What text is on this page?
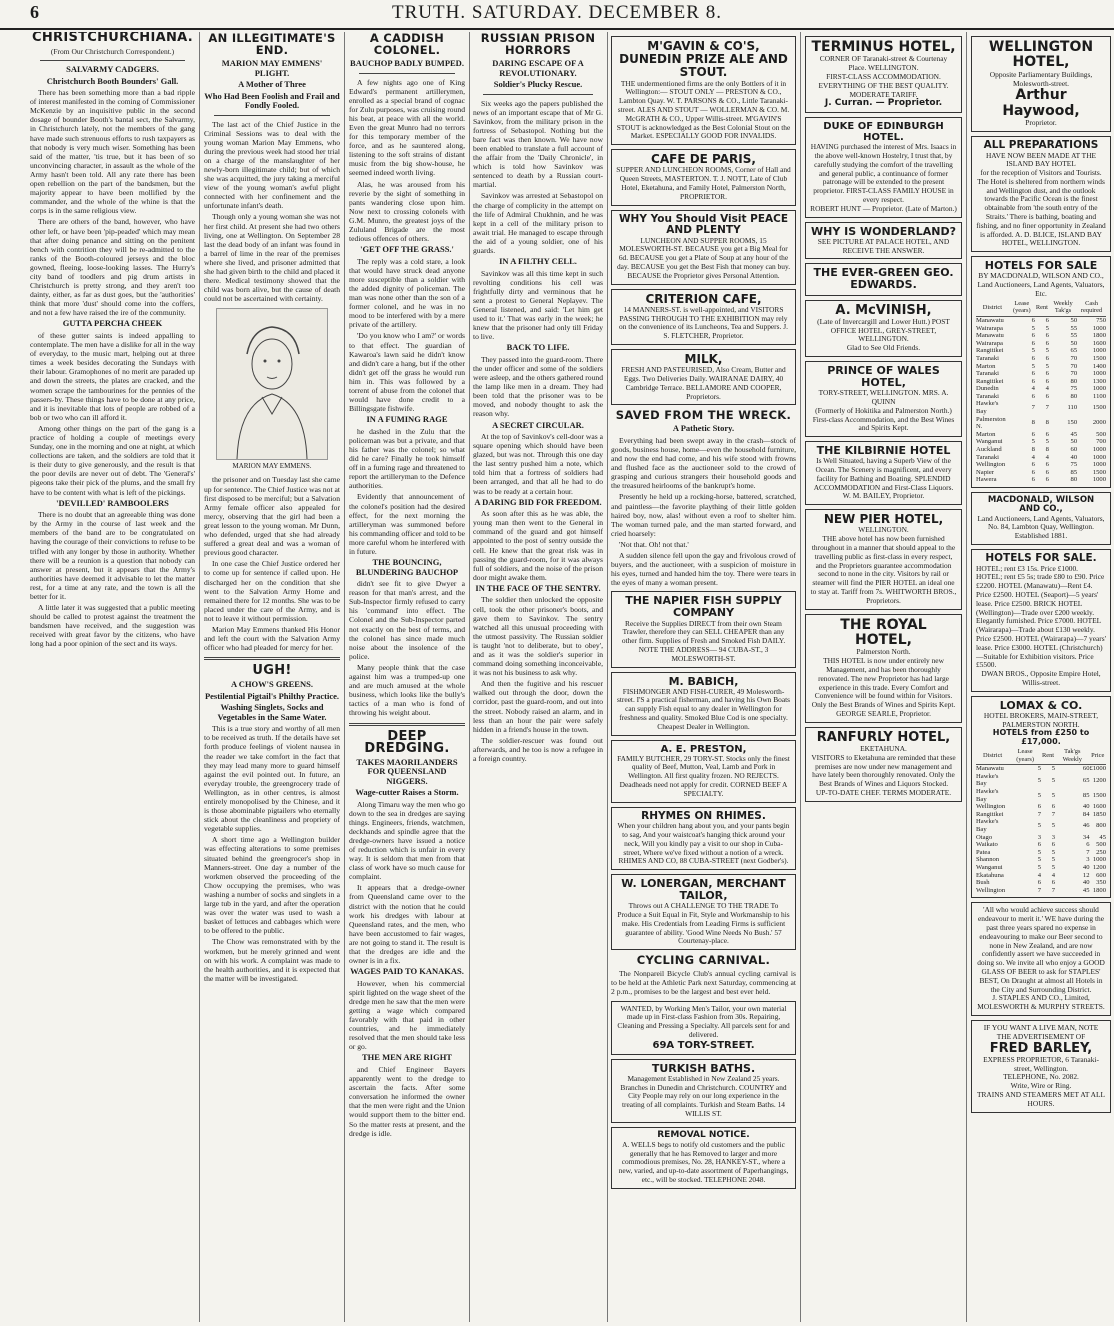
6	TRUTH. SATURDAY. DECEMBER 8.
CHRISTCHURCHIANA.
(From Our Christchurch Correspondent.)
SALVARMY CADGERS.
Christchurch Booth Bounders' Gall.

There has been something more than a bad ripple of interest manifested in the coming of Commissioner McKenzie by an inquisitive public in the second dosage of bounder Booth's bantal sect, the Salvarmy, in Christchurch lately, not the members of the gang have made such strenuous efforts to rush taxpayers as that nobody is very much wiser. Something has been said of the matter, 'tis true, but it has been of so unconvincing character, in assault as the whole of the Army hasn't been told. All any rate there has been open rebellion on the part of the bandsmen, but the majority appear to have been mollified by the commander, and the whole of the whine is that the corps is in the same religious view.

There are others of the band, however, who have other left, or have been 'pip-peaded' which may mean that after doing penance and sitting on the penitent bench with contrition they will be re-admitted to the ranks of the Booth-coloured jerseys and the bloc gowned, fleeing, loose-looking lasses. The Hurry's city band of toodlers and pig drum artists in Christchurch is pretty strong, and they aren't too dainty, either, as far as dust goes, but the 'authorities' think that more 'dust' should come into the coffers, and not a few have raised the ire of the community.

GUTTA PERCHA CHEEK

of these gutter saints is indeed appalling to contemplate. The men have a dislike for all in the way of everyday, to the music mart, helping out at three times a week besides decorating the Sundays with their labour. Gramophones of no merit are paraded up and down the streets, the plates are cracked, and the women scrape the tambourines for the pennies of the passers-by. These things have to be done at any price, and it is inevitable that lots of people are robbed of a bob or two who can ill afford it.

Among other things on the part of the gang is a practice of holding a couple of meetings every Sunday, one in the morning and one at night, at which collections are taken, and the soldiers are told that it is their duty to give generously, and the result is that the poor devils are never out of debt. The 'General's' pigeons take their pick of the plums, and the small fry have to be content with what is left of the pickings.

'DEVILLED' RAMBOOLERS

There is no doubt that an agreeable thing was done by the Army in the course of last week and the members of the band are to be congratulated on having the courage of their convictions to refuse to be trifled with any longer by those in authority. Whether there will be a reunion is a question that nobody can answer at present, but it appears that the Army's authorities have deemed it advisable to let the matter rest, for a time at any rate, and the town is all the better for it.

A little later it was suggested that a public meeting should be called to protest against the treatment the bandsmen have received, and the suggestion was received with great favor by the citizens, who have long had a poor opinion of the sect and its ways.

AN ILLEGITIMATE'S END.
MARION MAY EMMENS' PLIGHT.
A Mother of Three
Who Had Been Foolish and Frail and Fondly Fooled.

The last act of the Chief Justice in the Criminal Sessions was to deal with the young woman Marion May Emmens, who during the previous week had stood her trial on a charge of the manslaughter of her newly-born illegitimate child; but of which she was acquitted, the jury taking a merciful view of the young woman's awful plight connected with her confinement and the unfortunate infant's death.

Though only a young woman she was not her first child. At present she had two others living, one at Wellington. On September 28 last the dead body of an infant was found in a barrel of lime in the rear of the premises where she lived, and prisoner admitted that she had given birth to the child and placed it there. Medical testimony showed that the child was born alive, but the cause of death could not be ascertained with certainty.

MARION MAY EMMENS.

the prisoner and on Tuesday last she came up for sentence. The Chief Justice was not at first disposed to be merciful; but a Salvation Army female officer also appealed for mercy, observing that the girl had been a great lesson to the young woman. Mr Dunn, who defended, urged that she had already suffered a great deal and was a woman of previous good character.

In one case the Chief Justice ordered her to come up for sentence if called upon. He discharged her on the condition that she went to the Salvation Army Home and remained there for 12 months. She was to be placed under the care of the Army, and is not to leave it without permission.

Marion May Emmens thanked His Honor and left the court with the Salvation Army officer who had pleaded for mercy for her.

UGH!
A CHOW'S GREENS.
Pestilential Pigtail's Philthy Practice.
Washing Singlets, Socks and Vegetables in the Same Water.

This is a true story and worthy of all men to be received as truth. If the details have set forth produce feelings of violent nausea in the reader we take comfort in the fact that they may lead many more to guard himself against the evil pointed out. In future, an everyday trouble, the greengrocery trade of Wellington, as in other centres, is almost entirely monopolised by the Chinese, and it is those abominable pigtailers who eternally stick about the cleanliness and propriety of vegetable supplies.

A short time ago a Wellington builder was effecting alterations to some premises situated behind the greengrocer's shop in Manners-street. One day a number of the workmen observed the proceeding of the Chow occupying the premises, who was washing a number of socks and singlets in a large tub in the yard, and after the operation was over the water was used to wash a basket of lettuces and cabbages which were to be offered to the public.

The Chow was remonstrated with by the workmen, but he merely grinned and went on with his work. A complaint was made to the health authorities, and it is expected that the matter will be investigated.

A CADDISH COLONEL.
BAUCHOP BADLY BUMPED.

A few nights ago one of King Edward's permanent artillerymen, enrolled as a special brand of cognac for Zulu purposes, was cruising round his beat, at peace with all the world. Even the great Munro had no terrors for this temporary member of the force, and as he sauntered along, listening to the soft strains of distant music from the big show-house, he seemed indeed worth living.

Alas, he was aroused from his reverie by the sight of something in pants wandering close upon him. Now next to crossing colonels with G.M. Munro, the greatest joys of the Zululand Brigade are the most tedious offences of others.

'GET OFF THE GRASS.'

The reply was a cold stare, a look that would have struck dead anyone more susceptible than a soldier with the added dignity of policeman. The man was none other than the son of a former colonel, and he was in no mood to be interfered with by a mere private of the artillery.

'Do you know who I am?' or words to that effect. The guardian of Kawaroa's lawn said he didn't know and didn't care a hang, but if the other didn't get off the grass he would run him in. This was followed by a torrent of abuse from the colonel that would have done credit to a Billingsgate fishwife.

IN A FUMING RAGE

he dashed in the Zulu that the policeman was but a private, and that his father was the colonel; so what did he care? Finally he took himself off in a fuming rage and threatened to report the artilleryman to the Defence authorities.

Evidently that announcement of the colonel's position had the desired effect, for the next morning the artilleryman was summoned before his commanding officer and told to be more careful whom he interfered with in future.

THE BOUNCING, BLUNDERING BAUCHOP

didn't see fit to give Dwyer a reason for that man's arrest, and the Sub-Inspector firmly refused to carry his 'command' into effect. The Colonel and the Sub-Inspector parted not exactly on the best of terms, and the colonel has since made much noise about the insolence of the police.

Many people think that the case against him was a trumped-up one and are much amused at the whole business, which looks like the bully's tactics of a man who is fond of throwing his weight about.

DEEP DREDGING.
TAKES MAORILANDERS FOR QUEENSLAND NIGGERS.
Wage-cutter Raises a Storm.

Along Timaru way the men who go down to the sea in dredges are saying things. Engineers, friends, watchmen, deckhands and spindle agree that the dredge-owners have issued a notice of reduction which is unfair in every way. It is seldom that men from that class of work have so much cause for complaint.

It appears that a dredge-owner from Queensland came over to the district with the notion that he could work his dredges with labour at Queensland rates, and the men, who have been accustomed to fair wages, are not going to stand it. The result is that the dredges are idle and the owner is in a fix.

WAGES PAID TO KANAKAS.

However, when his commercial spirit lighted on the wage sheet of the dredge men he saw that the men were getting a wage which compared favorably with that paid in other countries, and he immediately resolved that the men should take less or go.

THE MEN ARE RIGHT

and Chief Engineer Bayers apparently went to the dredge to ascertain the facts. After some conversation he informed the owner that the men were right and the Union would support them to the bitter end. So the matter rests at present, and the dredge is idle.

RUSSIAN PRISON HORRORS
DARING ESCAPE OF A REVOLUTIONARY.
Soldier's Plucky Rescue.

Six weeks ago the papers published the news of an important escape that of Mr G. Savinkov, from the military prison in the fortress of Sebastopol. Nothing but the bare fact was then known. We have now been enabled to translate a full account of the affair from the 'Daily Chronicle', in which is told how Savinkov was sentenced to death by a Russian court-martial.

Savinkov was arrested at Sebastopol on the charge of complicity in the attempt on the life of Admiral Chukhnin, and he was kept in a cell of the military prison to await trial. He managed to escape through the aid of a young soldier, one of his guards.

IN A FILTHY CELL.

Savinkov was all this time kept in such revolting conditions his cell was frightfully dirty and verminous that he sent a protest to General Neplayev. The General listened, and said: 'Let him get used to it.' That was early in the week; he knew that the prisoner had only till Friday to live.

BACK TO LIFE.

They passed into the guard-room. There the under officer and some of the soldiers were asleep, and the others gathered round the lamp like men in a dream. They had been told that the prisoner was to be moved, and nobody thought to ask the reason why.

A SECRET CIRCULAR.

At the top of Savinkov's cell-door was a square opening which should have been glazed, but was not. Through this one day the last sentry pushed him a note, which told him that a fortress of soldiers had been arranged, and that all he had to do was to be ready at a certain hour.

A DARING BID FOR FREEDOM.

As soon after this as he was able, the young man then went to the General in command of the guard and got himself appointed to the post of sentry outside the cell. He knew that the great risk was in passing the guard-room, for it was always full of soldiers, and the noise of the prison door might awake them.

IN THE FACE OF THE SENTRY.

The soldier then unlocked the opposite cell, took the other prisoner's boots, and gave them to Savinkov. The sentry watched all this unusual proceeding with the utmost passivity. The Russian soldier is taught 'not to deliberate, but to obey', and as it was the soldier's superior in command doing something inconceivable, it was not his business to ask why.

And then the fugitive and his rescuer walked out through the door, down the corridor, past the guard-room, and out into the street. Nobody raised an alarm, and in less than an hour the pair were safely hidden in a friend's house in the town.

The soldier-rescuer was found out afterwards, and he too is now a refugee in a foreign country.

M'GAVIN & CO'S, DUNEDIN PRIZE ALE AND STOUT.
THE undermentioned firms are the only Bottlers of it in Wellington:— STOUT ONLY — PRESTON & CO., Lambton Quay. W. T. PARSONS & CO., Little Taranaki-street. ALES AND STOUT — WOLLERMAN & CO. M. McGRATH & CO., Upper Willis-street. M'GAVIN'S STOUT is acknowledged as the Best Colonial Stout on the Market. ESPECIALLY GOOD FOR INVALIDS.
CAFE DE PARIS,
SUPPER AND LUNCHEON ROOMS, Corner of Hall and Queen Streets, MASTERTON. T. J. NOTT, Late of Club Hotel, Eketahuna, and Family Hotel, Palmerston North, PROPRIETOR.
WHY You Should Visit PEACE AND PLENTY
LUNCHEON AND SUPPER ROOMS, 15 MOLESWORTH-ST. BECAUSE you get a Big Meal for 6d. BECAUSE you get a Plate of Soup at any hour of the day. BECAUSE you get the Best Fish that money can buy. BECAUSE the Proprietor gives Personal Attention.
CRITERION CAFE,
14 MANNERS-ST. is well-appointed, and VISITORS PASSING THROUGH TO THE EXHIBITION may rely on the convenience of its Luncheons, Tea and Suppers. J. S. FLETCHER, Proprietor.
MILK,
FRESH AND PASTEURISED, Also Cream, Butter and Eggs. Two Deliveries Daily. WAIRANAE DAIRY, 40 Cambridge Terrace. BELLAMORE AND COOPER, Proprietors.
SAVED FROM THE WRECK.
A Pathetic Story.

Everything had been swept away in the crash—stock of goods, business house, home—even the household furniture, and now the end had come, and his wife stood with frowns and flushed face as the auctioneer sold to the crowd of grasping and curious strangers their household goods and the treasured heirlooms of the bankrupt's home.

Presently he held up a rocking-horse, battered, scratched, and paintless—the favorite plaything of their little golden haired boy, now, alas! without even a roof to shelter him. The woman turned pale, and the man started forward, and cried hoarsely:

'Not that. Oh! not that.'

A sudden silence fell upon the gay and frivolous crowd of buyers, and the auctioneer, with a suspicion of moisture in his eyes, turned and handed him the toy. There were tears in the eyes of many a woman present.

THE NAPIER FISH SUPPLY COMPANY
Receive the Supplies DIRECT from their own Steam Trawler, therefore they can SELL CHEAPER than any other firm. Supplies of Fresh and Smoked Fish DAILY. NOTE THE ADDRESS— 94 CUBA-ST., 3 MOLESWORTH-ST.
M. BABICH,
FISHMONGER AND FISH-CURER, 49 Molesworth-street. I'S a practical fisherman, and having his Own Boats can supply Fish equal to any dealer in Wellington for freshness and quality. Smoked Blue Cod is one specialty. Cheapest Dealer in Wellington.
A. E. PRESTON,
FAMILY BUTCHER, 29 TORY-ST. Stocks only the finest quality of Beef, Mutton, Veal, Lamb and Pork in Wellington. All first quality frozen. NO REJECTS. Deadheads need not apply for credit. CORNED BEEF A SPECIALTY.
RHYMES ON RHIMES.
When your children hang about you, and your pants begin to sag, And your waistcoat's hanging thick around your neck, Will you kindly pay a visit to our shop in Cuba-street, Where we've fixed without a notion of a wreck. RHIMES AND CO, 88 CUBA-STREET (next Godber's).
W. LONERGAN, MERCHANT TAILOR,
Throws out A CHALLENGE TO THE TRADE To Produce a Suit Equal in Fit, Style and Workmanship to his make. His Credentials from Leading Firms is sufficient guarantee of ability. 'Good Wine Needs No Bush.' 57 Courtenay-place.
CYCLING CARNIVAL.

The Nonpareil Bicycle Club's annual cycling carnival is to be held at the Athletic Park next Saturday, commencing at 2 p.m., promises to be the largest and best ever held.

WANTED, by Working Men's Tailor, your own material made up in First-class Fashion from 30s. Repairing, Cleaning and Pressing a Specialty. All parcels sent for and delivered.
69A TORY-STREET.
TURKISH BATHS.
Management Established in New Zealand 25 years. Branches in Dunedin and Christchurch. COUNTRY and City People may rely on our long experience in the treating of all complaints. Turkish and Steam Baths. 14 WILLIS ST.
REMOVAL NOTICE.
A. WELLS begs to notify old customers and the public generally that he has Removed to larger and more commodious premises, No. 28, HANKEY-ST., where a new, varied, and up-to-date assortment of Paperhangings, etc., will be stocked. TELEPHONE 2048.
TERMINUS HOTEL,
CORNER OF Taranaki-street & Courtenay Place. WELLINGTON.
FIRST-CLASS ACCOMMODATION. EVERYTHING OF THE BEST QUALITY. MODERATE TARIFF.
J. Curran. — Proprietor.
DUKE OF EDINBURGH HOTEL.
HAVING purchased the interest of Mrs. Isaacs in the above well-known Hostelry, I trust that, by carefully studying the comfort of the travelling and general public, a continuance of former patronage will be extended to the present proprietor. FIRST-CLASS FAMILY HOUSE in every respect.
ROBERT HUNT — Proprietor. (Late of Marton.)
WHY IS WONDERLAND?
SEE PICTURE AT PALACE HOTEL, AND RECEIVE THE ANSWER.
THE EVER-GREEN GEO. EDWARDS.
A. McVINISH,
(Late of Invercargill and Lower Hutt.) POST OFFICE HOTEL, GREY-STREET, WELLINGTON.
Glad to See Old Friends.
PRINCE OF WALES HOTEL,
TORY-STREET, WELLINGTON. MRS. A. QUINN
(Formerly of Hokitika and Palmerston North.) First-class Accommodation, and the Best Wines and Spirits Kept.
THE KILBIRNIE HOTEL
Is Well Situated, having a Superb View of the Ocean. The Scenery is magnificent, and every facility for Bathing and Boating. SPLENDID ACCOMMODATION and First-Class Liquors. W. M. BAILEY, Proprietor.
NEW PIER HOTEL,
WELLINGTON.
THE above hotel has now been furnished throughout in a manner that should appeal to the travelling public as first-class in every respect, and the Proprietors guarantee accommodation second to none in the city. Visitors by rail or steamer will find the PIER HOTEL an ideal one to stay at. Tariff from 7s. WHITWORTH BROS., Proprietors.
THE ROYAL HOTEL,
Palmerston North.
THIS HOTEL is now under entirely new Management, and has been thoroughly renovated. The new Proprietor has had large experience in this trade. Every Comfort and Convenience will be found within for Visitors. Only the Best Brands of Wines and Spirits Kept.
GEORGE SEARLE, Proprietor.
RANFURLY HOTEL,
EKETAHUNA.
VISITORS to Eketahuna are reminded that these premises are now under new management and have lately been thoroughly renovated. Only the Best Brands of Wines and Liquors Stocked.
UP-TO-DATE CHEF. TERMS MODERATE.
WELLINGTON HOTEL,
Opposite Parliamentary Buildings, Molesworth-street.
Arthur Haywood,
Proprietor.
ALL PREPARATIONS
HAVE NOW BEEN MADE AT THE ISLAND BAY HOTEL
for the reception of Visitors and Tourists. The Hotel is sheltered from northern winds and Wellington dust, and the outlook towards the Pacific Ocean is the finest obtainable from 'the south entry of the Straits.' There is bathing, boating and fishing, and no finer opportunity in Zealand is afforded. A. D. BLICE, ISLAND BAY HOTEL, WELLINGTON.
HOTELS FOR SALE
BY MACDONALD, WILSON AND CO., Land Auctioneers, Land Agents, Valuators, Etc.
District	Lease (years)	Rent	Weekly Tak'gs	Cash required
Manawatu	6	6	50	750
Wairarapa	5	5	55	1000
Manawatu	6	6	55	1800
Wairarapa	6	6	50	1600
Rangitikei	5	5	65	1000
Taranaki	6	6	70	1500
Marton	5	5	70	1400
Taranaki	6	6	70	1000
Rangitikei	6	6	80	1300
Dunedin	4	4	75	1000
Taranaki	6	6	80	1100
Hawke's Bay	7	7	110	1500
Palmerston N.	8	8	150	2000
Marton	6	6	45	500
Wanganui	5	5	50	700
Auckland	8	8	60	1000
Taranaki	4	4	40	1000
Wellington	6	6	75	1000
Napier	6	6	85	1500
Hawera	6	6	80	1000
MACDONALD, WILSON AND CO.,
Land Auctioneers, Land Agents, Valuators, No. 84, Lambton Quay, Wellington. Established 1881.
HOTELS FOR SALE.
HOTEL; rent £3 15s. Price £1000. HOTEL; rent £5 5s; trade £80 to £90. Price £2200. HOTEL (Manawatu)—Rent £4. Price £2500. HOTEL (Seaport)—5 years' lease. Price £2500. BRICK HOTEL (Wellington)—Trade over £200 weekly. Elegantly furnished. Price £7000. HOTEL (Wairarapa)—Trade about £130 weekly. Price £2500. HOTEL (Wairarapa)—7 years' lease. Price £3000. HOTEL (Christchurch)—Suitable for Exhibition visitors. Price £5500.
DWAN BROS., Opposite Empire Hotel, Willis-street.
LOMAX & CO.
HOTEL BROKERS, MAIN-STREET, PALMERSTON NORTH.
HOTELS from £250 to £17,000.
District	Lease (years)	Rent	Tak'gs Weekly	Price
Manawatu	5	5	60	£1000
Hawke's Bay	5	5	65	1200
Hawke's Bay	5	5	85	1500
Wellington	6	6	40	1600
Rangitikei	7	7	84	1850
Hawke's Bay	5	5	46	800
Otago	3	3	34	45
Waikato	6	6	6	500
Patea	5	5	7	250
Shannon	5	5	3	1000
Wanganui	5	5	40	1200
Ekatahuna	4	4	12	600
Bush	6	6	40	350
Wellington	7	7	45	1800
'All who would achieve success should endeavour to merit it.' WE have during the past three years spared no expense in endeavouring to make our Beer second to none in New Zealand, and are now confidently assert we have succeeded in doing so. We invite all who enjoy a GOOD GLASS OF BEER to ask for STAPLES' BEST, On Draught at almost all Hotels in the City and Surrounding District.
J. STAPLES AND CO., Limited, MOLESWORTH & MURPHY STREETS.
IF YOU WANT A LIVE MAN, NOTE THE ADVERTISEMENT OF
FRED BARLEY,
EXPRESS PROPRIETOR, 6 Taranaki-street, Wellington.
TELEPHONE, No. 2082.
Write, Wire or Ring.
TRAINS AND STEAMERS MET AT ALL HOURS.
